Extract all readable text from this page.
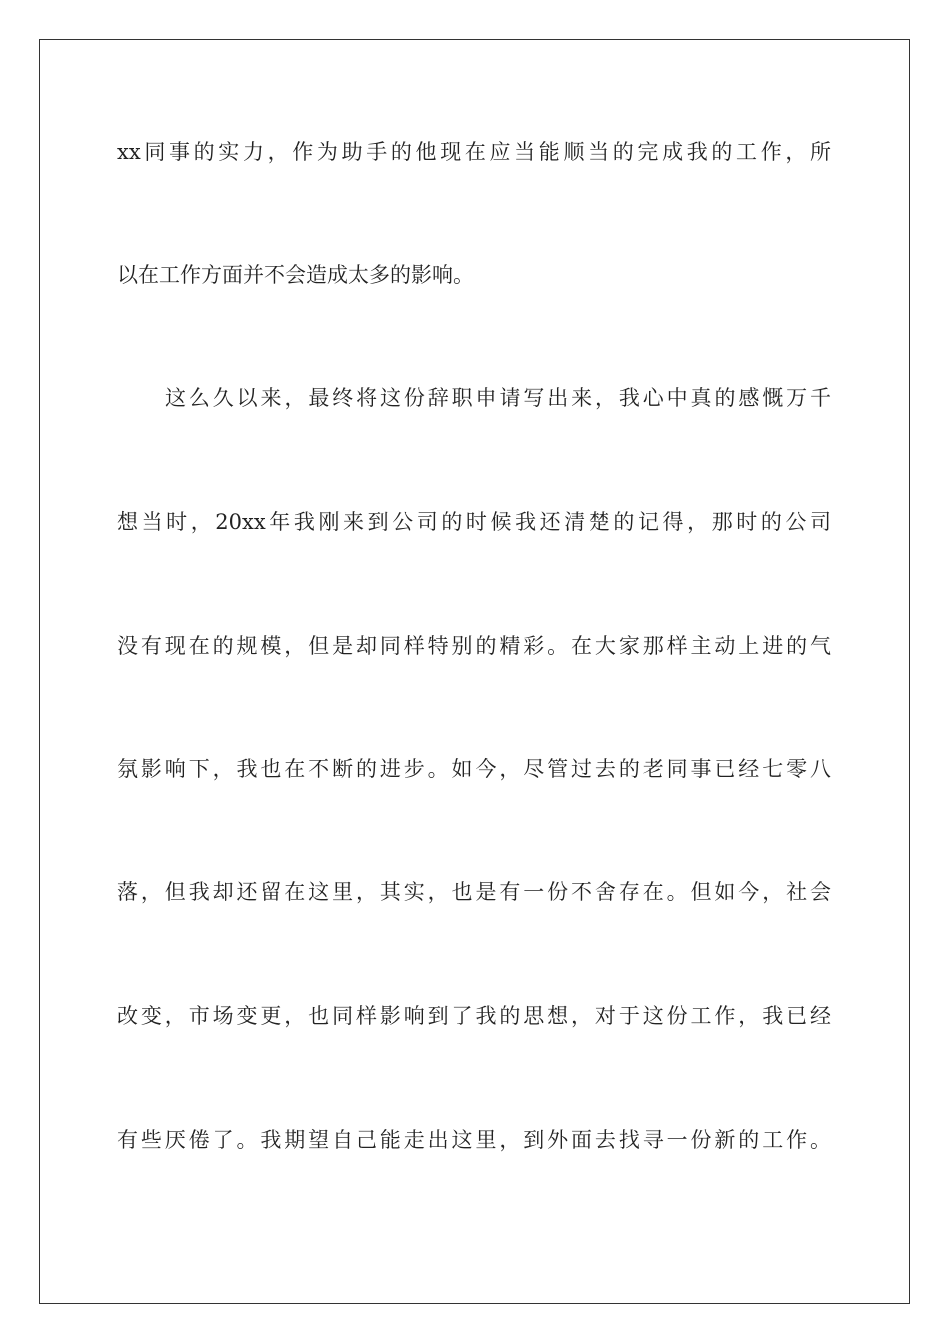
xx同事的实力，作为助手的他现在应当能顺当的完成我的工作，所
以在工作方面并不会造成太多的影响。
这么久以来，最终将这份辞职申请写出来，我心中真的感慨万千
想当时，20xx年我刚来到公司的时候我还清楚的记得，那时的公司
没有现在的规模，但是却同样特别的精彩。在大家那样主动上进的气
氛影响下，我也在不断的进步。如今，尽管过去的老同事已经七零八
落，但我却还留在这里，其实，也是有一份不舍存在。但如今，社会
改变，市场变更，也同样影响到了我的思想，对于这份工作，我已经
有些厌倦了。我期望自己能走出这里，到外面去找寻一份新的工作。
